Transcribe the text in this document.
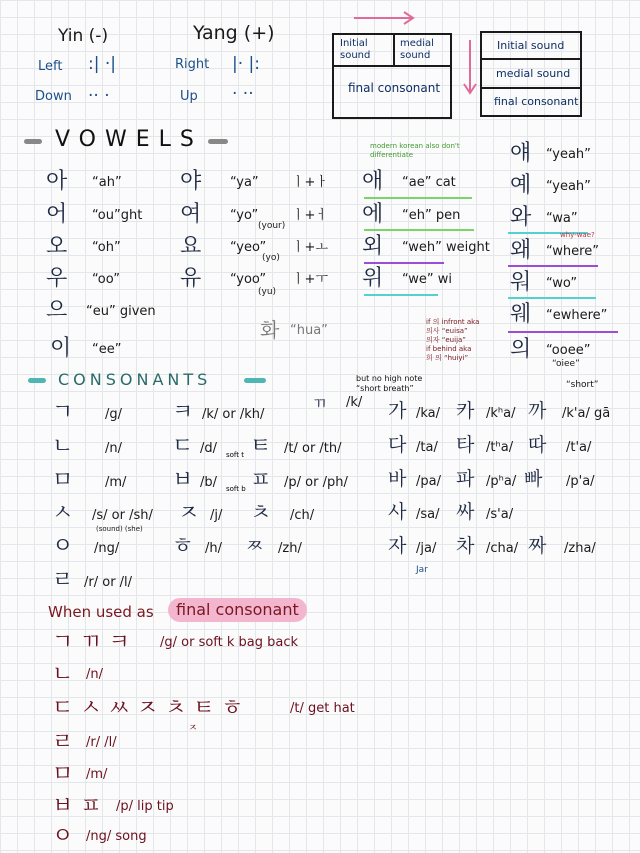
Yin (-)	Yang (+)
Left :| ·|
Down ·· ·
Right |· |:
Up · ··
Initial sound
medial sound
final consonant
Initial sound
medial sound
final consonant
VOWELS
아 “ah”
어 “ou”ght
오 “oh”
우 “oo”
으 “eu” given
이 “ee”
야 “ya”	ㅣ+ㅏ
여 “yo”	ㅣ+ㅓ
(your)
요 “yeo” ㅣ+ㅗ
(yo)
유 “yoo” ㅣ+ㅜ
(yu)
화 “hua”
modern korean also don't differentiate
애 “ae” cat
에 “eh” pen
외 “weh” weight
위 “we” wi
if 의 infront aka
의사 “euisa”
의자 “euija”
if behind aka
희 의 “huiyi”
얘 “yeah”
예 “yeah”
와 “wa”
why-wae?
왜 “where”
워 “wo”
웨 “ewhere”
의 “ooee”
“oiee”
CONSONANTS
ㄱ /g/
ㄴ /n/
ㅁ /m/
ㅅ /s/ or /sh/
(sound) (she)
ㅇ /ng/
ㄹ /r/ or /l/
ㅋ /k/ or /kh/
ㄷ /d/ soft t
ㅂ /b/ soft b
ㅈ /j/
ㅎ /h/
ㄲ /k/
ㅌ /t/ or /th/
ㅍ /p/ or /ph/
ㅊ /ch/
ㅉ /zh/
but no high note “short breath”	“short”
가 /ka/ 카 /kʰa/ 까 /k'a/ gā
다 /ta/ 타 /tʰa/ 따 /t'a/
바 /pa/ 파 /pʰa/ 빠 /p'a/
사 /sa/ 싸 /s'a/
자 /ja/
Jar
차 /cha/ 짜 /zha/
When used as	final consonant
ㄱ ㄲ ㅋ /g/ or soft k bag back
ㄴ /n/
ㄷ ㅅ ㅆ ㅈ ㅊ ㅌ ㅎ	/t/ get hat
ㅈ
ㄹ /r/ /l/
ㅁ /m/
ㅂ ㅍ /p/ lip tip
ㅇ /ng/ song
